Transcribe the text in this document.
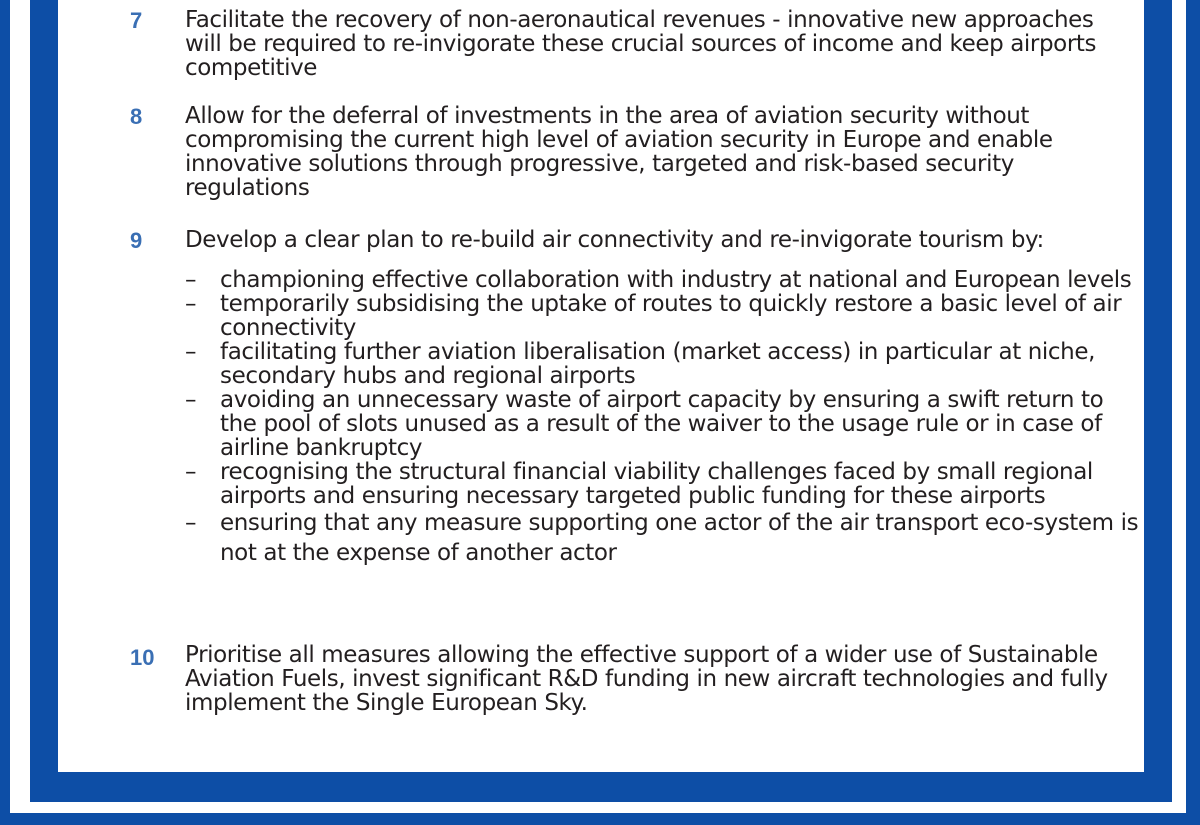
7 Facilitate the recovery of non-aeronautical revenues - innovative new approaches will be required to re-invigorate these crucial sources of income and keep airports competitive
8 Allow for the deferral of investments in the area of aviation security without compromising the current high level of aviation security in Europe and enable innovative solutions through progressive, targeted and risk-based security regulations
9 Develop a clear plan to re-build air connectivity and re-invigorate tourism by:
–	championing effective collaboration with industry at national and European levels
–	temporarily subsidising the uptake of routes to quickly restore a basic level of air connectivity
–	facilitating further aviation liberalisation (market access) in particular at niche, secondary hubs and regional airports
–	avoiding an unnecessary waste of airport capacity by ensuring a swift return to the pool of slots unused as a result of the waiver to the usage rule or in case of airline bankruptcy
–	recognising the structural financial viability challenges faced by small regional airports and ensuring necessary targeted public funding for these airports
–	ensuring that any measure supporting one actor of the air transport eco-system is not at the expense of another actor
10 Prioritise all measures allowing the effective support of a wider use of Sustainable Aviation Fuels, invest significant R&D funding in new aircraft technologies and fully implement the Single European Sky.
